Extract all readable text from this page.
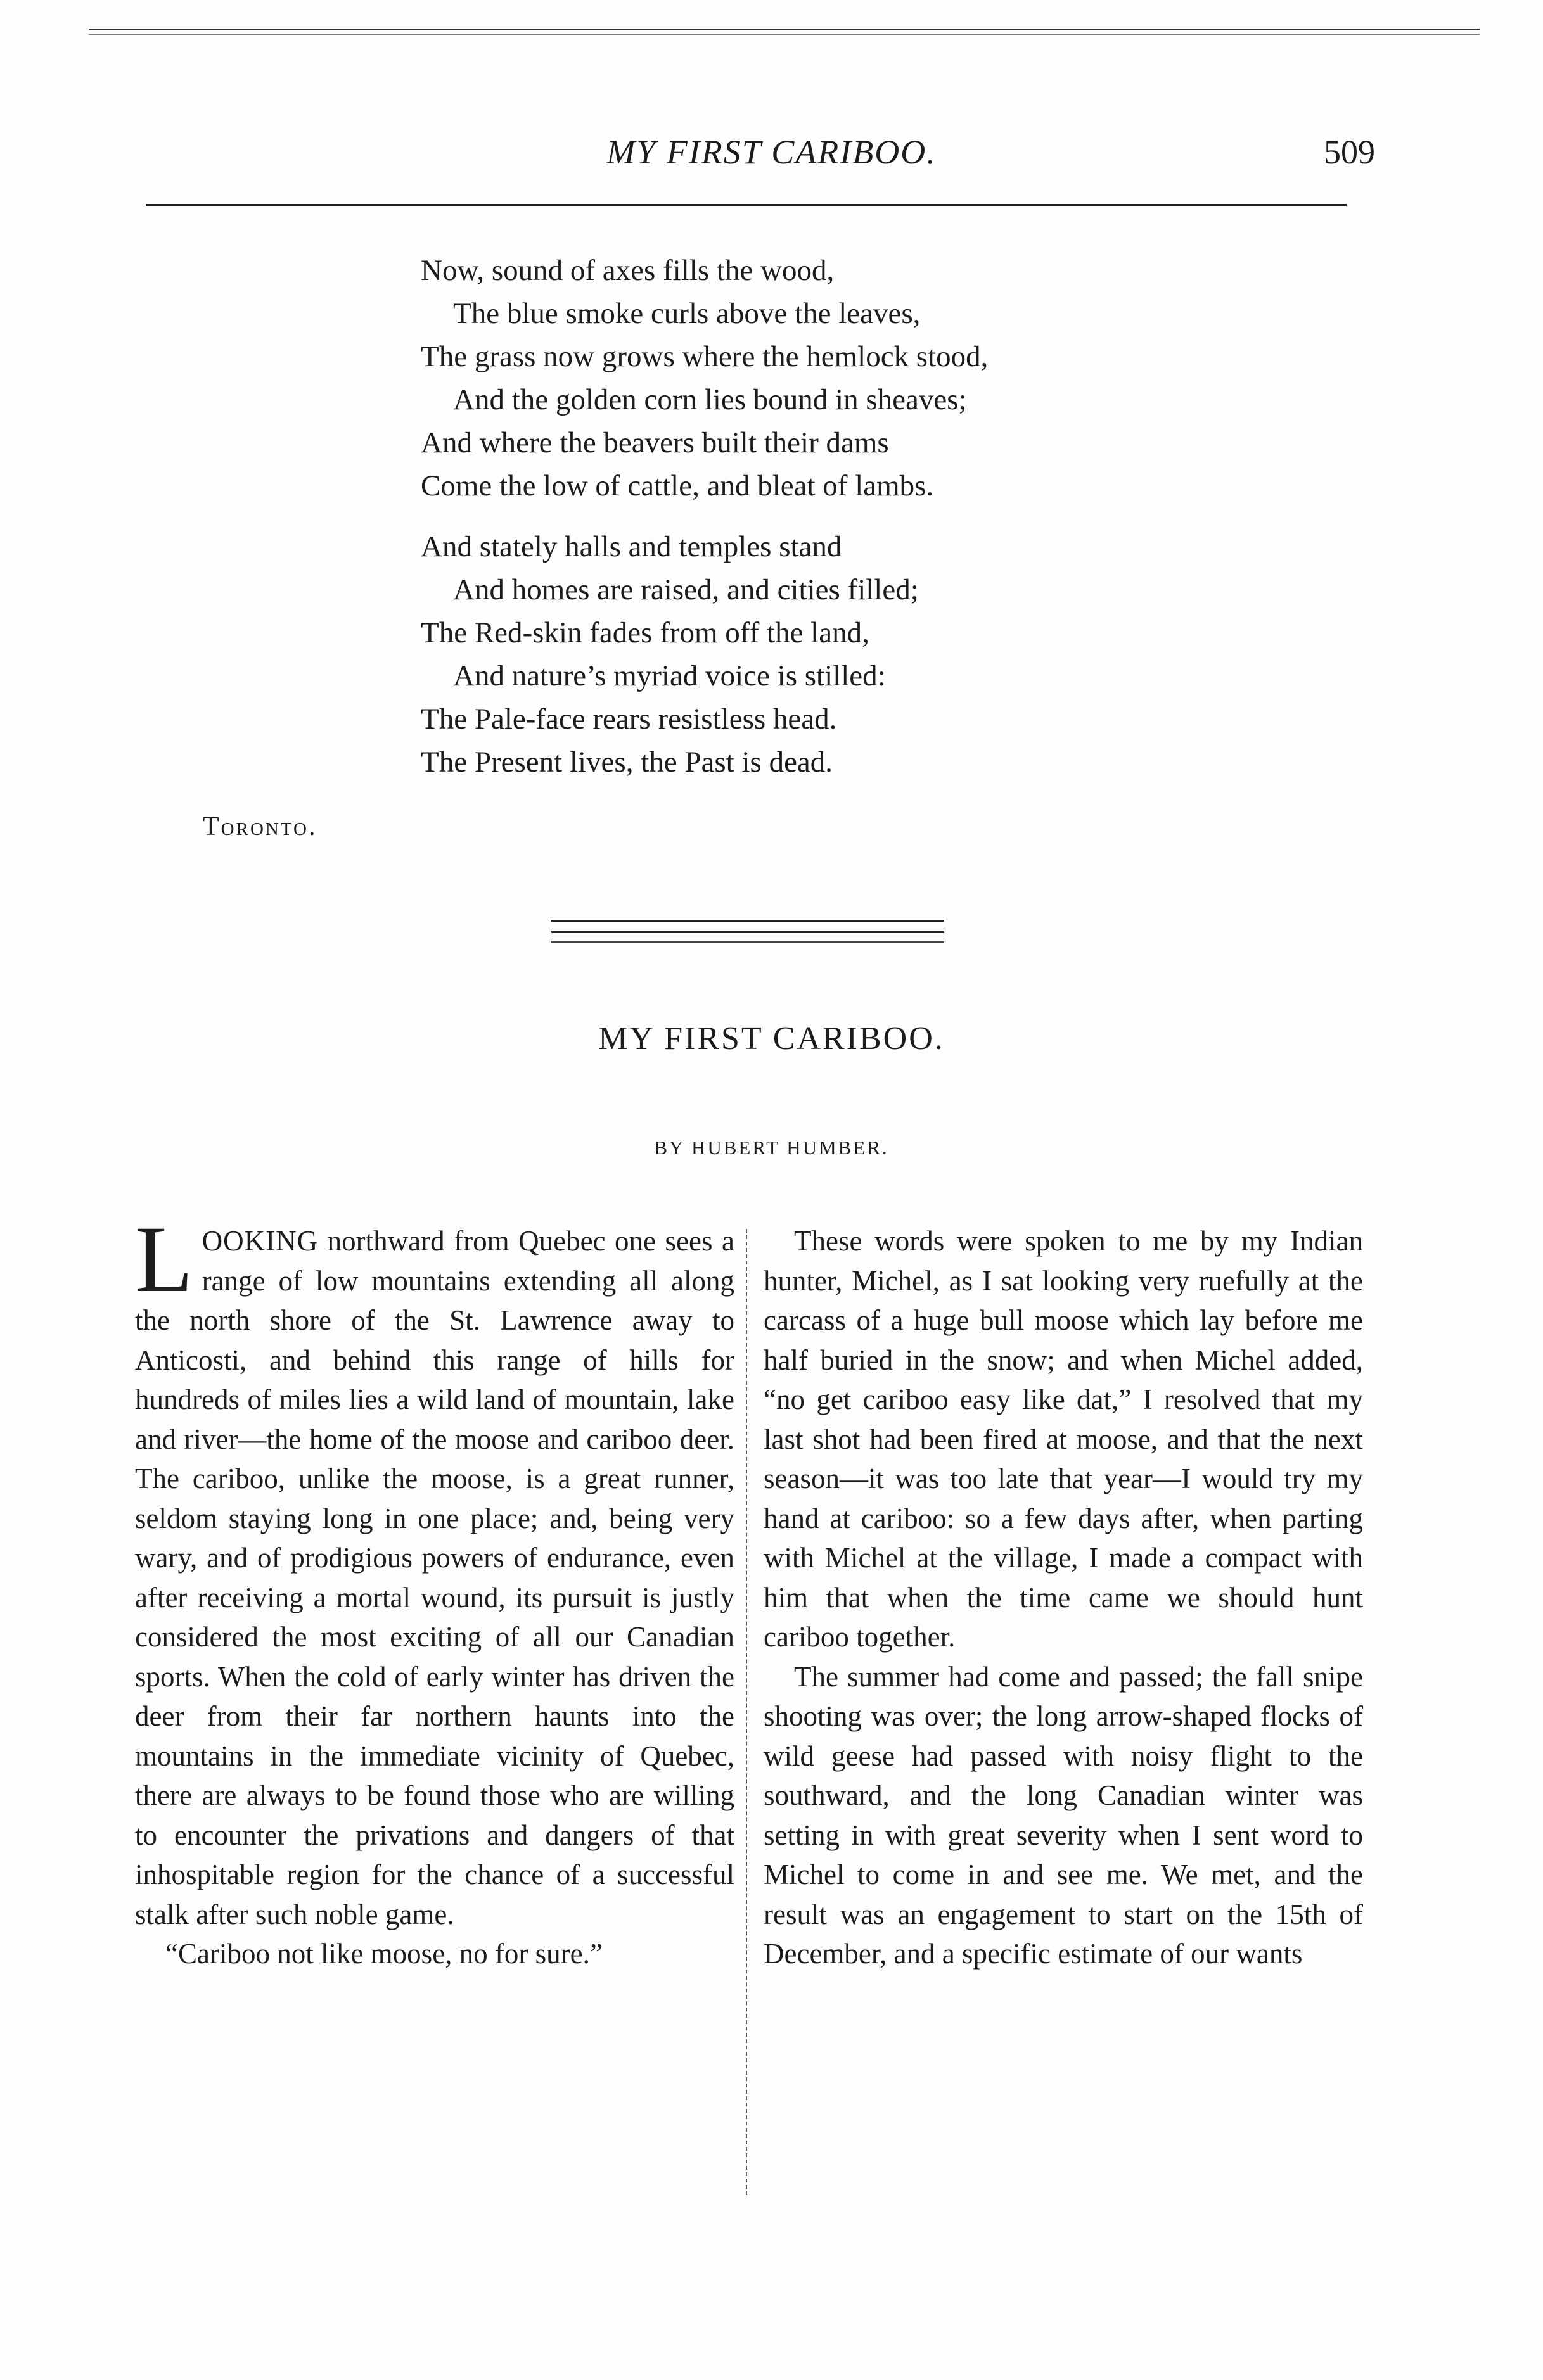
MY FIRST CARIBOO.	509
Now, sound of axes fills the wood,
The blue smoke curls above the leaves,
The grass now grows where the hemlock stood,
And the golden corn lies bound in sheaves;
And where the beavers built their dams
Come the low of cattle, and bleat of lambs.
And stately halls and temples stand
And homes are raised, and cities filled;
The Red-skin fades from off the land,
And nature’s myriad voice is stilled:
The Pale-face rears resistless head.
The Present lives, the Past is dead.
Toronto.
MY FIRST CARIBOO.
BY HUBERT HUMBER.

LOOKING northward from Quebec one sees a range of low mountains extending all along the north shore of the St. Lawrence away to Anticosti, and behind this range of hills for hundreds of miles lies a wild land of mountain, lake and river—the home of the moose and cariboo deer. The cariboo, unlike the moose, is a great runner, seldom staying long in one place; and, being very wary, and of prodigious powers of endurance, even after receiving a mortal wound, its pursuit is justly considered the most exciting of all our Canadian sports. When the cold of early winter has driven the deer from their far northern haunts into the mountains in the immediate vicinity of Quebec, there are always to be found those who are willing to encounter the privations and dangers of that inhospitable region for the chance of a successful stalk after such noble game.

“Cariboo not like moose, no for sure.”

These words were spoken to me by my Indian hunter, Michel, as I sat looking very ruefully at the carcass of a huge bull moose which lay before me half buried in the snow; and when Michel added, “no get cariboo easy like dat,” I resolved that my last shot had been fired at moose, and that the next season—it was too late that year—I would try my hand at cariboo: so a few days after, when parting with Michel at the village, I made a compact with him that when the time came we should hunt cariboo together.

The summer had come and passed; the fall snipe shooting was over; the long arrow-shaped flocks of wild geese had passed with noisy flight to the southward, and the long Canadian winter was setting in with great severity when I sent word to Michel to come in and see me. We met, and the result was an engagement to start on the 15th of December, and a specific estimate of our wants
